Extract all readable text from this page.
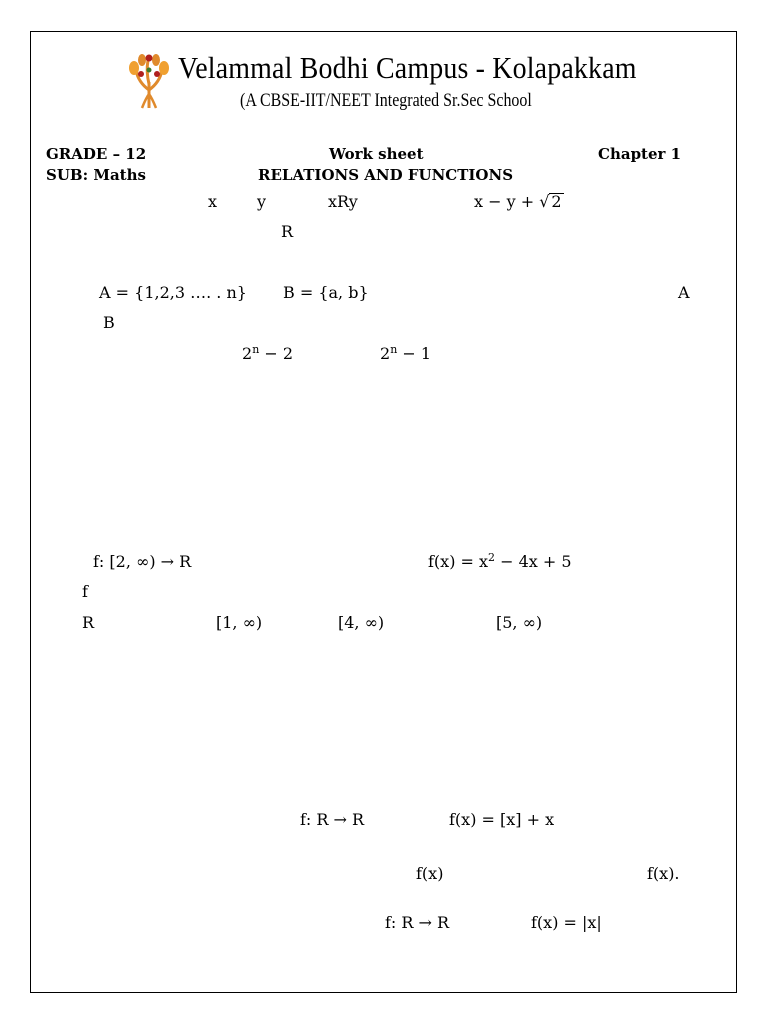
Velammal Bodhi Campus - Kolapakkam
(A CBSE-IIT/NEET Integrated Sr.Sec School
GRADE – 12	Work sheet	Chapter 1
SUB: Maths	RELATIONS AND FUNCTIONS
x y	xRy	x − y + √ 2
R
A = {1,2,3 …. . n} B = {a, b}	A
B
$2^n - 2$	$2^n - 1$
f: [2, ∞) → R	$f(x) = x^2 - 4x + 5$
f
R	[1, ∞)	[4, ∞)	[5, ∞)
f: R → R	f(x) = [x] + x
f(x)	f(x).
f: R → R	f(x) = |x|
